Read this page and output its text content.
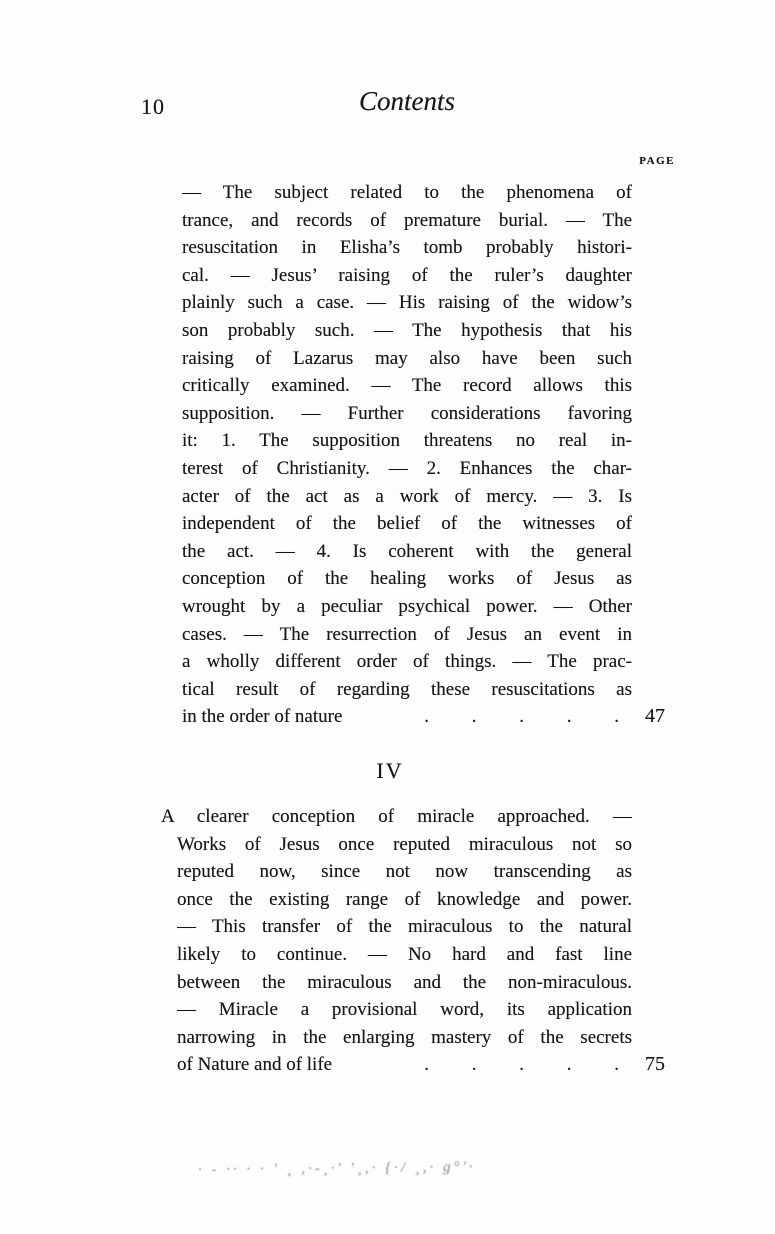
10	Contents
PAGE
— The subject related to the phenomena of
trance, and records of premature burial. — The
resuscitation in Elisha’s tomb probably histori-
cal. — Jesus’ raising of the ruler’s daughter
plainly such a case. — His raising of the widow’s
son probably such. — The hypothesis that his
raising of Lazarus may also have been such
critically examined. — The record allows this
supposition. — Further considerations favoring
it: 1. The supposition threatens no real in-
terest of Christianity. — 2. Enhances the char-
acter of the act as a work of mercy. — 3. Is
independent of the belief of the witnesses of
the act. — 4. Is coherent with the general
conception of the healing works of Jesus as
wrought by a peculiar psychical power. — Other
cases. — The resurrection of Jesus an event in
a wholly different order of things. — The prac-
tical result of regarding these resuscitations as
in the order of nature	. . . . .	47
IV
A clearer conception of miracle approached. —
Works of Jesus once reputed miraculous not so
reputed now, since not now transcending as
once the existing range of knowledge and power.
— This transfer of the miraculous to the natural
likely to continue. — No hard and fast line
between the miraculous and the non-miraculous.
— Miracle a provisional word, its application
narrowing in the enlarging mastery of the secrets
of Nature and of life	. . . . .	75
· ‐ ·· · · ′ ¸ ,·‐¸·′ ′¸,· {·/ ¸,· g°′·
